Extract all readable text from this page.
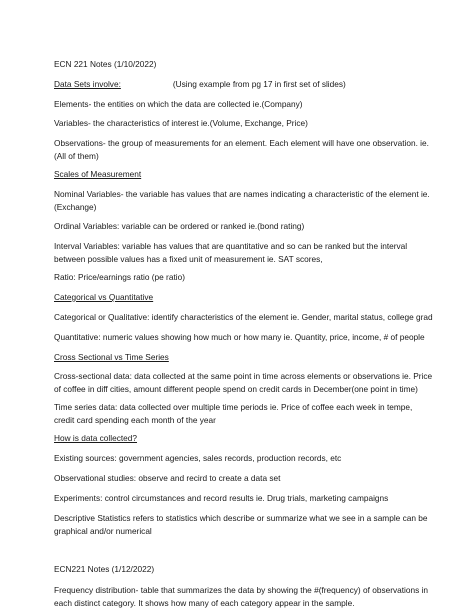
ECN 221 Notes (1/10/2022)
Data Sets involve:	(Using example from pg 17 in first set of slides)
Elements- the entities on which the data are collected ie.(Company)
Variables- the characteristics of interest ie.(Volume, Exchange, Price)
Observations- the group of measurements for an element. Each element will have one observation. ie. (All of them)
Scales of Measurement
Nominal Variables- the variable has values that are names indicating a characteristic of the element ie. (Exchange)
Ordinal Variables: variable can be ordered or ranked ie.(bond rating)
Interval Variables: variable has values that are quantitative and so can be ranked but the interval between possible values has a fixed unit of measurement ie. SAT scores,
Ratio: Price/earnings ratio (pe ratio)
Categorical vs Quantitative
Categorical or Qualitative: identify characteristics of the element ie. Gender, marital status, college grad
Quantitative: numeric values showing how much or how many ie. Quantity, price, income, # of people
Cross Sectional vs Time Series
Cross-sectional data: data collected at the same point in time across elements or observations ie. Price of coffee in diff cities, amount different people spend on credit cards in December(one point in time)
Time series data: data collected over multiple time periods ie. Price of coffee each week in tempe, credit card spending each month of the year
How is data collected?
Existing sources: government agencies, sales records, production records, etc
Observational studies: observe and recird to create a data set
Experiments: control circumstances and record results ie. Drug trials, marketing campaigns
Descriptive Statistics refers to statistics which describe or summarize what we see in a sample can be graphical and/or numerical
ECN221 Notes (1/12/2022)
Frequency distribution- table that summarizes the data by showing the #(frequency) of observations in each distinct category. It shows how many of each category appear in the sample.
